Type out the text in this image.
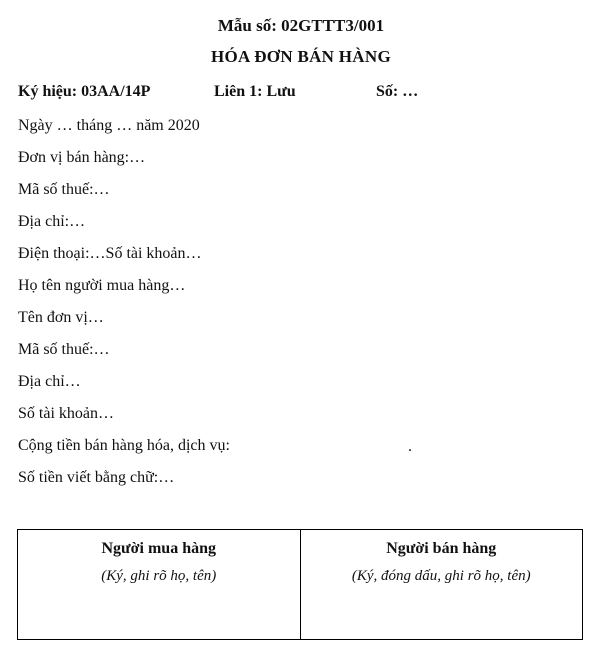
Mẫu số: 02GTTT3/001
HÓA ĐƠN BÁN HÀNG
Ký hiệu: 03AA/14P	Liên 1: Lưu	Số: …
Ngày … tháng … năm 2020
Đơn vị bán hàng:…
Mã số thuế:…
Địa chỉ:…
Điện thoại:…Số tài khoản…
Họ tên người mua hàng…
Tên đơn vị…
Mã số thuế:…
Địa chỉ…
Số tài khoản…
Cộng tiền bán hàng hóa, dịch vụ:	.
Số tiền viết bằng chữ:…
Người mua hàng
(Ký, ghi rõ họ, tên)
Người bán hàng
(Ký, đóng dấu, ghi rõ họ, tên)
